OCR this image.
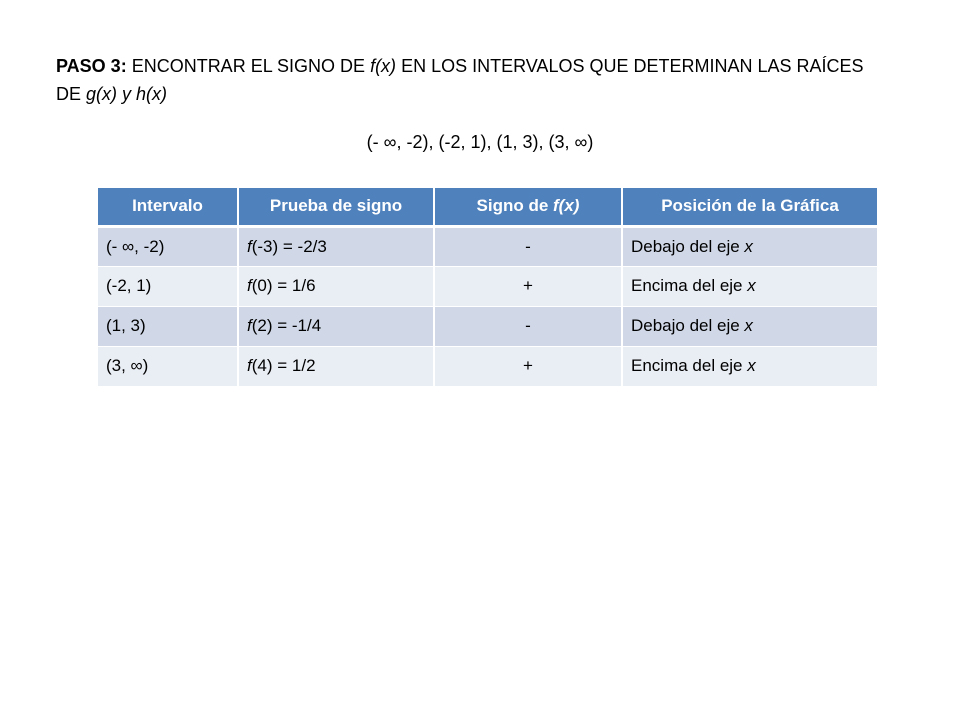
PASO 3: ENCONTRAR EL SIGNO DE f(x) EN LOS INTERVALOS QUE DETERMINAN LAS RAÍCES DE g(x) y h(x)
(- ∞, -2), (-2, 1), (1, 3), (3, ∞)
Intervalo	Prueba de signo	Signo de f(x)	Posición de la Gráfica
(- ∞, -2)	f(-3) = -2/3	-	Debajo del eje x
(-2, 1)	f(0) = 1/6	+	Encima del eje x
(1, 3)	f(2) = -1/4	-	Debajo del eje x
(3, ∞)	f(4) = 1/2	+	Encima del eje x
